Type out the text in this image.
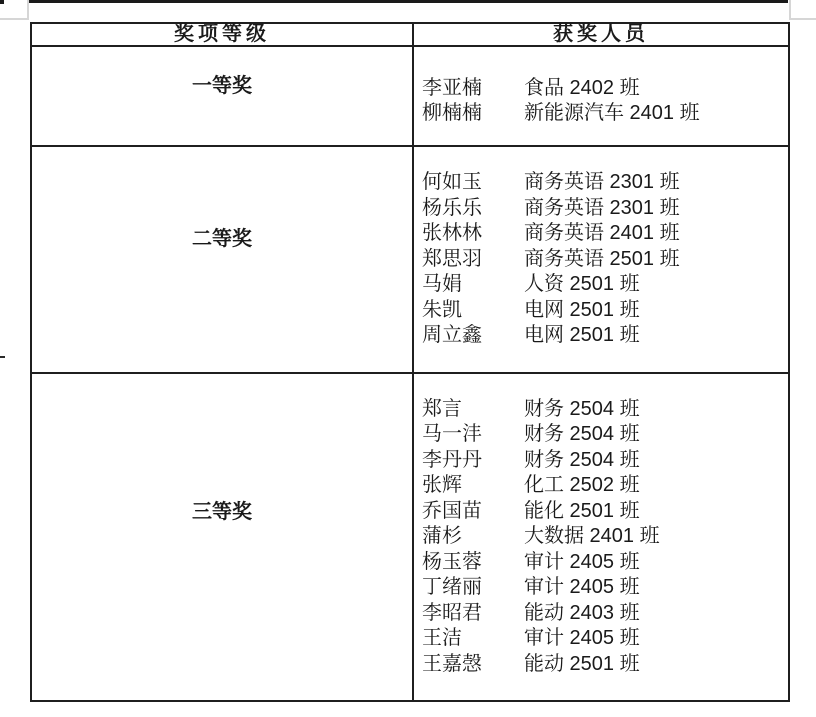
奖项等级	获奖人员
一等奖	李亚楠 食品 2402 班
柳楠楠 新能源汽车 2401 班

二等奖	
何如玉	商务英语 2301 班
杨乐乐	商务英语 2301 班
张林林	商务英语 2401 班
郑思羽	商务英语 2501 班
马娟	人资 2501 班
朱凯	电网 2501 班
周立鑫	电网 2501 班

三等奖	
郑言	财务 2504 班
马一沣	财务 2504 班
李丹丹	财务 2504 班
张辉	化工 2502 班
乔国苗	能化 2501 班
蒲杉	大数据 2401 班
杨玉蓉	审计 2405 班
丁绪丽	审计 2405 班
李昭君	能动 2403 班
王洁	审计 2405 班
王嘉愨	能动 2501 班
